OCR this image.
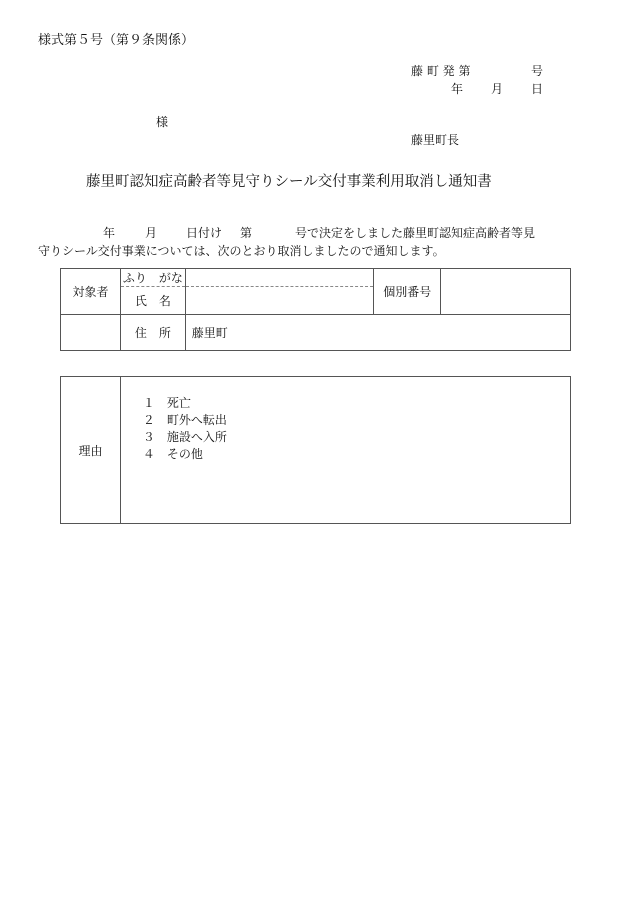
様式第５号（第９条関係）
藤 町 発 第	号
年 月 日
様
藤里町長
藤里町認知症高齢者等見守りシール交付事業利用取消し通知書
年 月 日付け 第	号で決定をしました藤里町認知症高齢者等見
守りシール交付事業については、次のとおり取消しましたので通知します。
対象者	ふり　がな		個別番号	
	氏　名			
	住　所	藤里町		
理由	
１　死亡
２　町外へ転出
３　施設へ入所
４　その他
